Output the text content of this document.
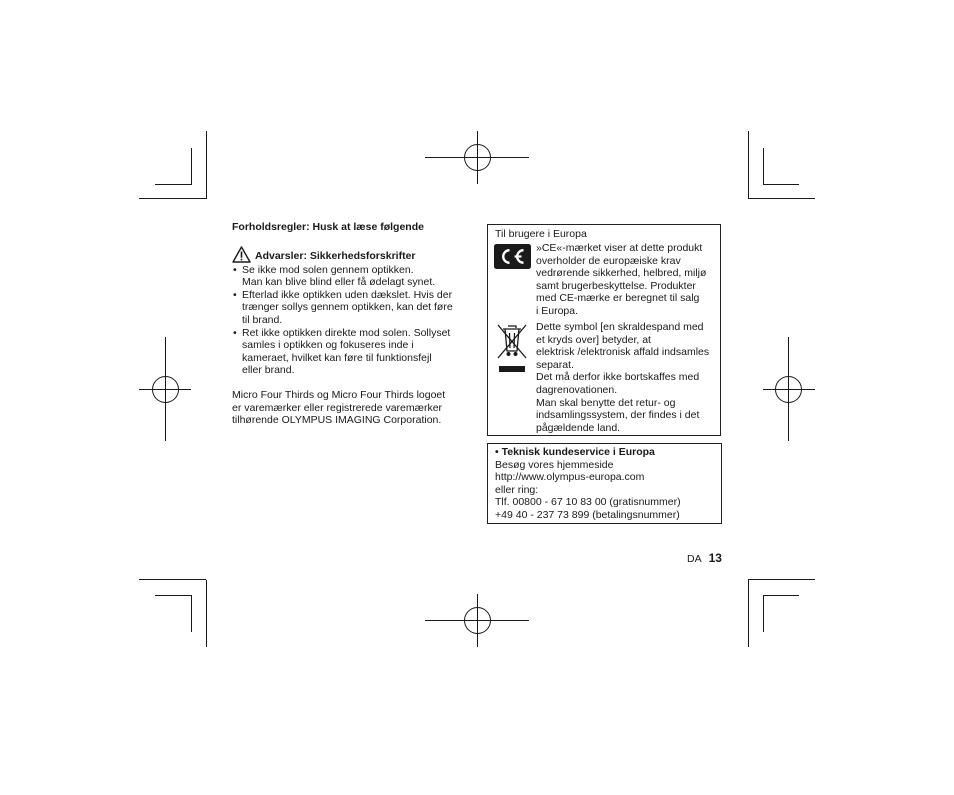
Forholdsregler: Husk at læse følgende
Advarsler: Sikkerhedsforskrifter
• Se ikke mod solen gennem optikken.
Man kan blive blind eller få ødelagt synet.
• Efterlad ikke optikken uden dækslet. Hvis der
trænger sollys gennem optikken, kan det føre
til brand.
• Ret ikke optikken direkte mod solen. Sollyset
samles i optikken og fokuseres inde i
kameraet, hvilket kan føre til funktionsfejl
eller brand.
Micro Four Thirds og Micro Four Thirds logoet
er varemærker eller registrerede varemærker
tilhørende OLYMPUS IMAGING Corporation.
Til brugere i Europa
»CE«-mærket viser at dette produkt
overholder de europæiske krav
vedrørende sikkerhed, helbred, miljø
samt brugerbeskyttelse. Produkter
med CE-mærke er beregnet til salg
i Europa.
Dette symbol [en skraldespand med
et kryds over] betyder, at
elektrisk /elektronisk affald indsamles
separat.
Det må derfor ikke bortskaffes med
dagrenovationen.
Man skal benytte det retur- og
indsamlingssystem, der findes i det
pågældende land.
• Teknisk kundeservice i Europa
Besøg vores hjemmeside
http://www.olympus-europa.com
eller ring:
Tlf. 00800 - 67 10 83 00 (gratisnummer)
+49 40 - 237 73 899 (betalingsnummer)
DA 13
